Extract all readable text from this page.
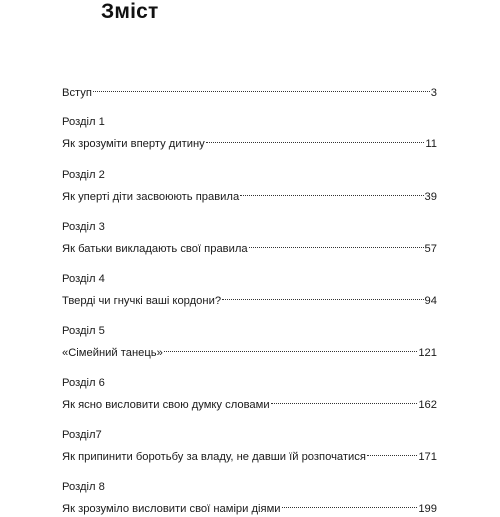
Зміст
Вступ	3
Розділ 1
Як зрозуміти вперту дитину	11
Розділ 2
Як уперті діти засвоюють правила	39
Розділ 3
Як батьки викладають свої правила	57
Розділ 4
Тверді чи гнучкі ваші кордони?	94
Розділ 5
«Сімейний танець»	121
Розділ 6
Як ясно висловити свою думку словами	162
Розділ7
Як припинити боротьбу за владу, не давши їй розпочатися	171
Розділ 8
Як зрозуміло висловити свої наміри діями	199
